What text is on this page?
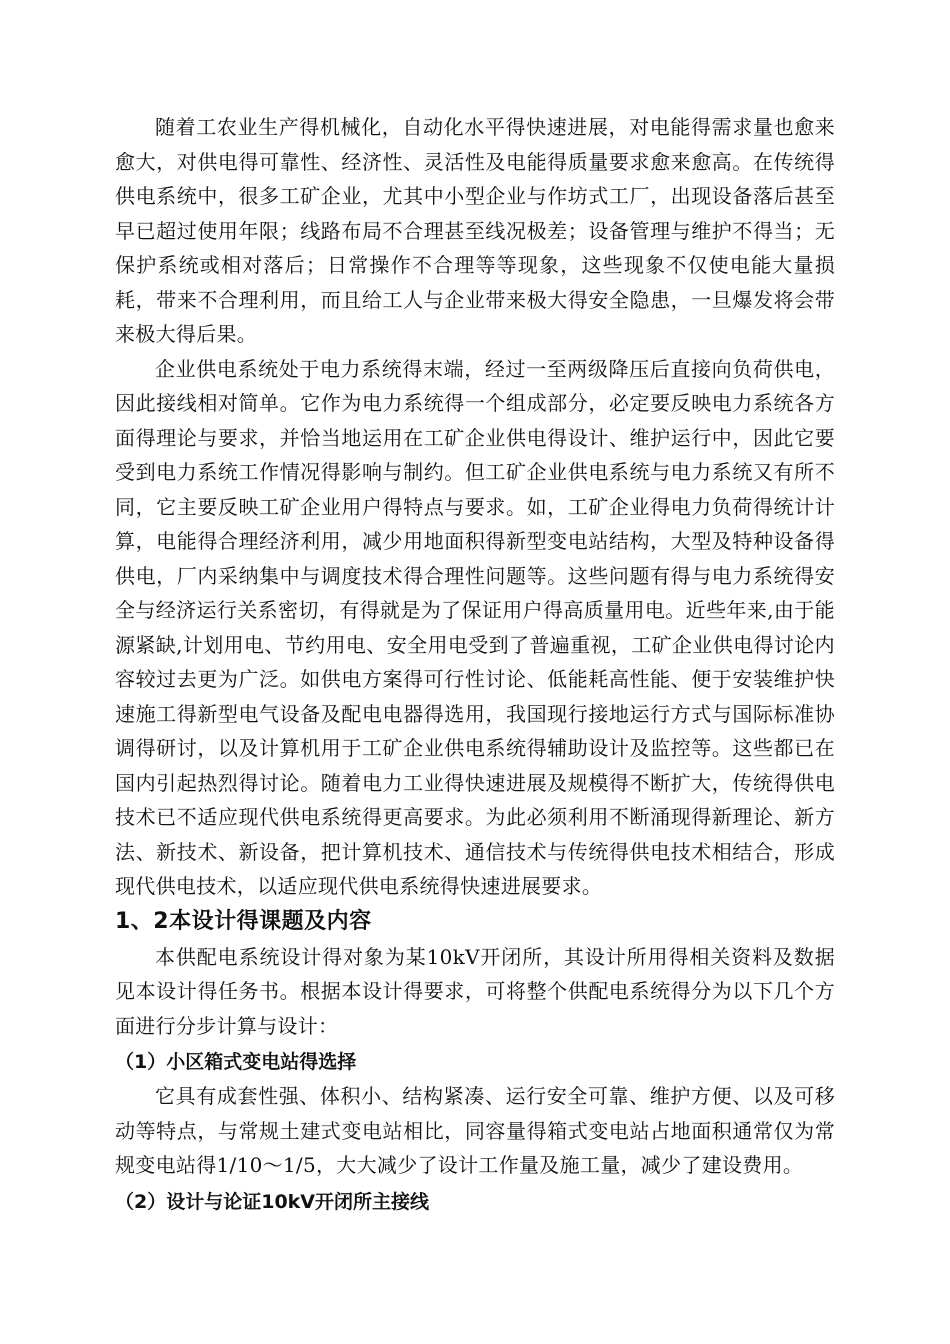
随着工农业生产得机械化，自动化水平得快速进展，对电能得需求量也愈来愈大，对供电得可靠性、经济性、灵活性及电能得质量要求愈来愈高。在传统得供电系统中，很多工矿企业，尤其中小型企业与作坊式工厂，出现设备落后甚至早已超过使用年限；线路布局不合理甚至线况极差；设备管理与维护不得当；无保护系统或相对落后；日常操作不合理等等现象，这些现象不仅使电能大量损耗，带来不合理利用，而且给工人与企业带来极大得安全隐患，一旦爆发将会带来极大得后果。

企业供电系统处于电力系统得末端，经过一至两级降压后直接向负荷供电，因此接线相对简单。它作为电力系统得一个组成部分，必定要反映电力系统各方面得理论与要求，并恰当地运用在工矿企业供电得设计、维护运行中，因此它要受到电力系统工作情况得影响与制约。但工矿企业供电系统与电力系统又有所不同，它主要反映工矿企业用户得特点与要求。如，工矿企业得电力负荷得统计计算，电能得合理经济利用，减少用地面积得新型变电站结构，大型及特种设备得供电，厂内采纳集中与调度技术得合理性问题等。这些问题有得与电力系统得安全与经济运行关系密切，有得就是为了保证用户得高质量用电。近些年来,由于能源紧缺,计划用电、节约用电、安全用电受到了普遍重视，工矿企业供电得讨论内容较过去更为广泛。如供电方案得可行性讨论、低能耗高性能、便于安装维护快速施工得新型电气设备及配电电器得选用，我国现行接地运行方式与国际标准协调得研讨，以及计算机用于工矿企业供电系统得辅助设计及监控等。这些都已在国内引起热烈得讨论。随着电力工业得快速进展及规模得不断扩大，传统得供电技术已不适应现代供电系统得更高要求。为此必须利用不断涌现得新理论、新方法、新技术、新设备，把计算机技术、通信技术与传统得供电技术相结合，形成现代供电技术，以适应现代供电系统得快速进展要求。

1、2本设计得课题及内容

本供配电系统设计得对象为某10kV开闭所，其设计所用得相关资料及数据见本设计得任务书。根据本设计得要求，可将整个供配电系统得分为以下几个方面进行分步计算与设计：

（1）小区箱式变电站得选择

它具有成套性强、体积小、结构紧凑、运行安全可靠、维护方便、以及可移动等特点，与常规土建式变电站相比，同容量得箱式变电站占地面积通常仅为常规变电站得1/10～1/5，大大减少了设计工作量及施工量，减少了建设费用。

（2）设计与论证10kV开闭所主接线
